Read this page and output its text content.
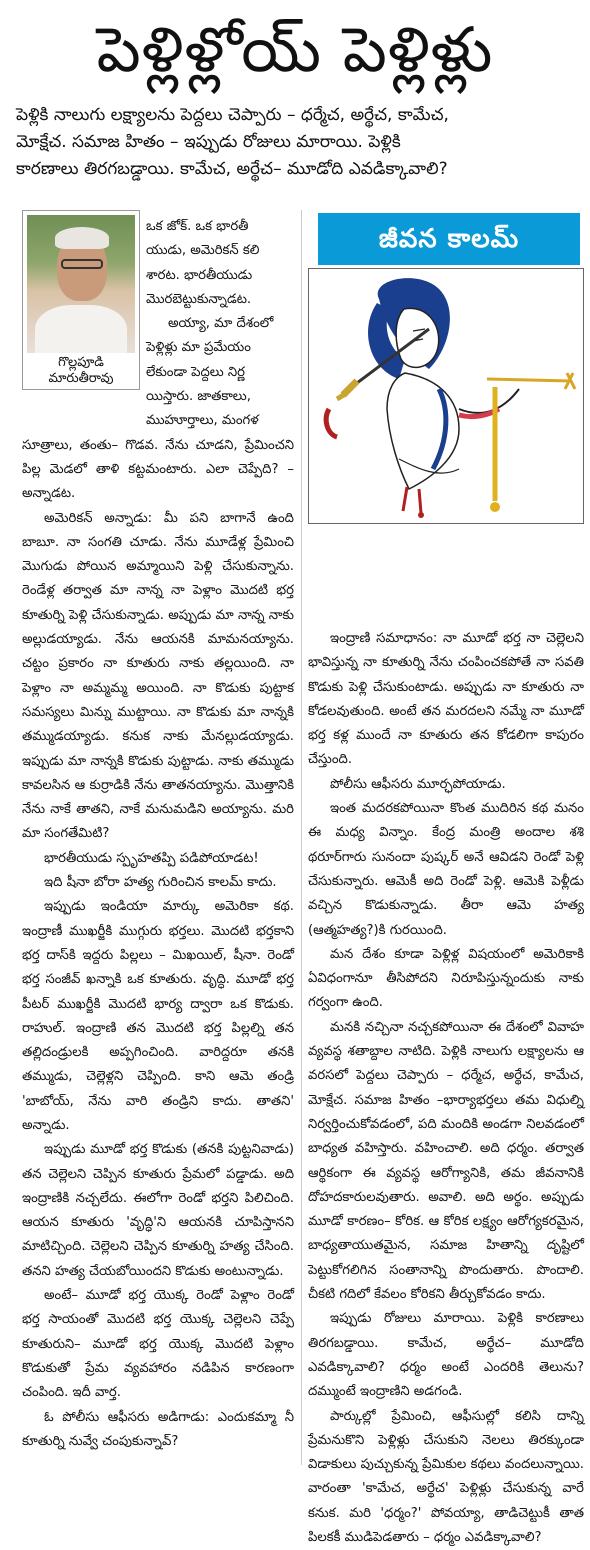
పెళ్లిళ్లోయ్ పెళ్లిళ్లు

పెళ్లికి నాలుగు లక్ష్యాలను పెద్దలు చెప్పారు – ధర్మేచ, అర్థేచ, కామేచ,

మోక్షేచ. సమాజ హితం – ఇప్పుడు రోజులు మారాయి. పెళ్లికి

కారణాలు తిరగబడ్డాయి. కామేచ, అర్థేచ– మూడోది ఎవడిక్కావాలి?

ఒక జోక్. ఒక భారతీ

యుడు, అమెరికన్ కలి

శారట. భారతీయుడు

మొరబెట్టుకున్నాడట.

అయ్యా, మా దేశంలో

పెళ్లిళ్లు మా ప్రమేయం

లేకుండా పెద్దలు నిర్ణ

యిస్తారు. జాతకాలు,

ముహూర్తాలు, మంగళ

సూత్రాలు, తంతు– గొడవ. నేను చూడని, ప్రేమించని పిల్ల మెడలో తాళి కట్టమంటారు. ఎలా చెప్పేది? – అన్నాడట.

అమెరికన్ అన్నాడు: మీ పని బాగానే ఉంది బాబూ. నా సంగతి చూడు. నేను మూడేళ్ల ప్రేమించి మొగుడు పోయిన అమ్మాయిని పెళ్లి చేసుకున్నాను. రెండేళ్ల తర్వాత మా నాన్న నా పెళ్లాం మొదటి భర్త కూతుర్ని పెళ్లి చేసుకున్నాడు. అప్పుడు మా నాన్న నాకు అల్లుడయ్యాడు. నేను ఆయనకి మామనయ్యాను. చట్టం ప్రకారం నా కూతురు నాకు తల్లయింది. నా పెళ్లాం నా అమ్మమ్మ అయింది. నా కొడుకు పుట్టాక సమస్యలు మిన్ను ముట్టాయి. నా కొడుకు మా నాన్నకి తమ్ముడయ్యాడు. కనుక నాకు మేనల్లుడయ్యాడు. ఇప్పుడు మా నాన్నకి కొడుకు పుట్టాడు. నాకు తమ్ముడు కావలసిన ఆ కుర్రాడికి నేను తాతనయ్యాను. మొత్తానికి నేను నాకే తాతని, నాకే మనుమడిని అయ్యాను. మరి మా సంగతేమిటి?

భారతీయుడు స్పృహతప్పి పడిపోయాడట!

ఇది షీనా బోరా హత్య గురించిన కాలమ్ కాదు.

ఇప్పుడు ఇండియా మార్కు అమెరికా కథ. ఇంద్రాణీ ముఖర్జీకి ముగ్గురు భర్తలు. మొదటి భర్తకాని భర్త దాస్‌కి ఇద్దరు పిల్లలు – మిఖయిల్, షీనా. రెండో భర్త సంజీవ్ ఖన్నాకి ఒక కూతురు. వృద్ధి. మూడో భర్త పీటర్ ముఖర్జీకి మొదటి భార్య ద్వారా ఒక కొడుకు. రాహుల్. ఇంద్రాణి తన మొదటి భర్త పిల్లల్ని తన తల్లిదండ్రులకి అప్పగించింది. వారిద్దరూ తనకి తమ్ముడు, చెల్లెళ్లని చెప్పింది. కాని ఆమె తండ్రి 'బాబోయ్, నేను వారి తండ్రిని కాదు. తాతని' అన్నాడు.

ఇప్పుడు మూడో భర్త కొడుకు (తనకి పుట్టనివాడు) తన చెల్లెలని చెప్పిన కూతురు ప్రేమలో పడ్డాడు. అది ఇంద్రాణికి నచ్చలేదు. ఈలోగా రెండో భర్తని పిలిచింది. ఆయన కూతురు 'వృద్ధి'ని ఆయనకి చూపిస్తానని మాటిచ్చింది. చెల్లెలని చెప్పిన కూతుర్ని హత్య చేసింది. తనని హత్య చేయబోయిందని కొడుకు అంటున్నాడు.

అంటే– మూడో భర్త యొక్క రెండో పెళ్లాం రెండో భర్త సాయంతో మొదటి భర్త యొక్క చెల్లెలని చెప్పే కూతురుని– మూడో భర్త యొక్క మొదటి పెళ్లాం కొడుకుతో ప్రేమ వ్యవహారం నడిపిన కారణంగా చంపింది. ఇదీ వార్త.

ఓ పోలీసు ఆఫీసరు అడిగాడు: ఎందుకమ్మా నీ కూతుర్ని నువ్వే చంపుకున్నావ్?

గొల్లపూడి
మారుతీరావు
జీవన కాలమ్

ఇంద్రాణి సమాధానం: నా మూడో భర్త నా చెల్లెలని భావిస్తున్న నా కూతుర్ని నేను చంపించకపోతే నా సవతి కొడుకు పెళ్లి చేసుకుంటాడు. అప్పుడు నా కూతురు నా కోడలవుతుంది. అంటే తన మరదలని నమ్మే నా మూడో భర్త కళ్ల ముందే నా కూతురు తన కోడలిగా కాపురం చేస్తుంది.

పోలీసు ఆఫీసరు మూర్ఛపోయాడు.

ఇంత మదరకపోయినా కొంత ముదిరిన కథ మనం ఈ మధ్య విన్నాం. కేంద్ర మంత్రి అందాల శశి థరూర్‌గారు సునందా పుష్కర్ అనే ఆవిడని రెండో పెళ్లి చేసుకున్నారు. ఆమెకీ అది రెండో పెళ్లి. ఆమెకి పెళ్లీడు వచ్చిన కొడుకున్నాడు. తీరా ఆమె హత్య (ఆత్మహత్య?)కి గురయింది.

మన దేశం కూడా పెళ్లిళ్ల విషయంలో అమెరికాకి ఏవిధంగానూ తీసిపోదని నిరూపిస్తున్నందుకు నాకు గర్వంగా ఉంది.

మనకి నచ్చినా నచ్చకపోయినా ఈ దేశంలో వివాహ వ్యవస్థ శతాబ్దాల నాటిది. పెళ్లికి నాలుగు లక్ష్యాలను ఆ వరసలో పెద్దలు చెప్పారు – ధర్మేచ, అర్థేచ, కామేచ, మోక్షేచ. సమాజ హితం –భార్యాభర్తలు తమ విధుల్ని నిర్వర్తించుకోవడంలో, పది మందికి అండగా నిలవడంలో బాధ్యత వహిస్తారు. వహించాలి. అది ధర్మం. తర్వాత ఆర్థికంగా ఈ వ్యవస్థ ఆరోగ్యానికి, తమ జీవనానికి దోహదకారులవుతారు. అవాలి. అది అర్థం. అప్పుడు మూడో కారణం– కోరిక. ఆ కోరిక లక్ష్యం ఆరోగ్యకరమైన, బాధ్యతాయుతమైన, సమాజ హితాన్ని దృష్టిలో పెట్టుకోగలిగిన సంతానాన్ని పొందుతారు. పొందాలి. చీకటి గదిలో కేవలం కోరికని తీర్చుకోవడం కాదు.

ఇప్పుడు రోజులు మారాయి. పెళ్లికి కారణాలు తిరగబడ్డాయి. కామేచ, అర్థేచ– మూడోది ఎవడిక్కావాలి? ధర్మం అంటే ఎందరికి తెలును? దమ్ముంటే ఇంద్రాణిని అడగండి.

పార్కుల్లో ప్రేమించి, ఆఫీసుల్లో కలిసి దాన్ని ప్రేమనుకొని పెళ్లిళ్లు చేసుకుని నెలలు తిరక్కుండా విడాకులు పుచ్చుకున్న ప్రేమికుల కథలు వందలున్నాయి. వారంతా 'కామేచ, అర్థేచ' పెళ్లిళ్లు చేసుకున్న వారే కనుక. మరి 'ధర్మం?' పోవయ్యా, తాడిచెట్టుకీ తాత పిలకకీ ముడిపెడతారు – ధర్మం ఎవడిక్కావాలి?
